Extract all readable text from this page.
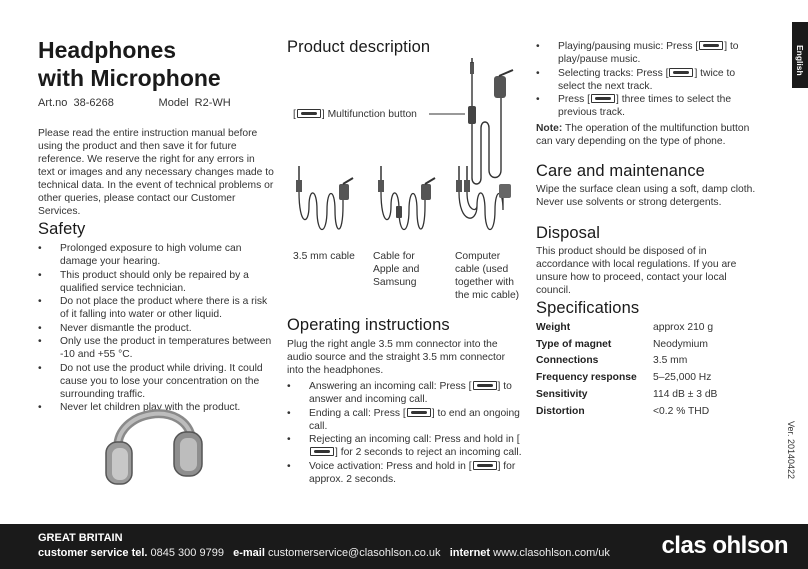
English
Headphones
with Microphone
Art.no 38-6268	Model R2-WH

Please read the entire instruction manual before using the product and then save it for future reference. We reserve the right for any errors in text or images and any necessary changes made to technical data. In the event of technical problems or other queries, please contact our Customer Services.

Safety
• Prolonged exposure to high volume can damage your hearing.
• This product should only be repaired by a qualified service technician.
• Do not place the product where there is a risk of it falling into water or other liquid.
• Never dismantle the product.
• Only use the product in temperatures between -10 and +55 °C.
• Do not use the product while driving. It could cause you to lose your concentration on the surrounding traffic.
• Never let children play with the product.
Product description
[	] Multifunction button
3.5 mm cable	Cable for Apple and Samsung
Computer cable (used together with the mic cable)
Operating instructions

Plug the right angle 3.5 mm connector into the audio source and the straight 3.5 mm connector into the headphones.

• Answering an incoming call: Press [	] to answer and incoming call.
• Ending a call: Press [	] to end an ongoing call.
• Rejecting an incoming call: Press and hold in [] for 2 seconds to reject an incoming call.
• Voice activation: Press and hold in [	] for approx. 2 seconds.
• Playing/pausing music: Press [	] to play/pause music.
• Selecting tracks: Press [	] twice to select the next track.
• Press [	] three times to select the previous track.

Note: The operation of the multifunction button can vary depending on the type of phone.

Care and maintenance

Wipe the surface clean using a soft, damp cloth. Never use solvents or strong detergents.

Disposal

This product should be disposed of in accordance with local regulations. If you are unsure how to proceed, contact your local council.

Specifications
Weight	approx 210 g
Type of magnet	Neodymium
Connections	3.5 mm
Frequency response	5–25,000 Hz
Sensitivity	114 dB ± 3 dB
Distortion	<0.2 % THD
Ver. 20140422
GREAT BRITAIN
customer service tel. 0845 300 9799 e-mail customerservice@clasohlson.co.uk internet www.clasohlson.com/uk clas ohlson
